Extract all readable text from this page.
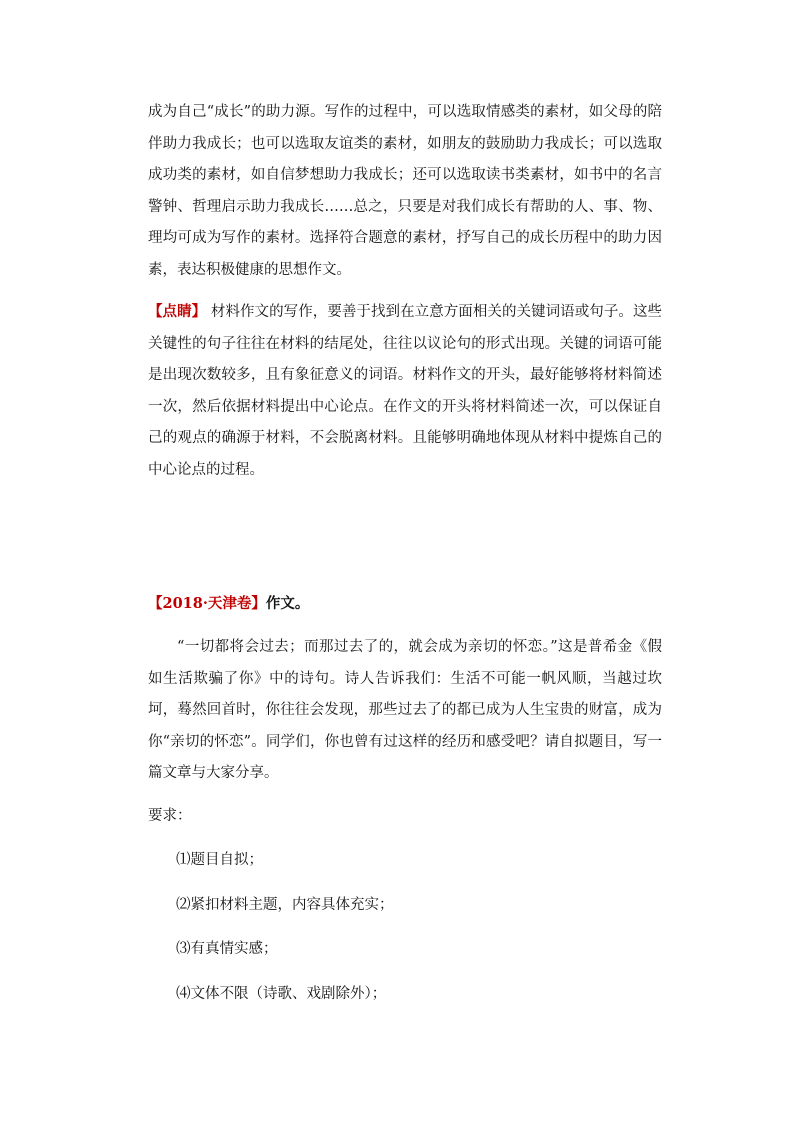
成为自己“成长”的助力源。写作的过程中，可以选取情感类的素材，如父母的陪伴助力我成长；也可以选取友谊类的素材，如朋友的鼓励助力我成长；可以选取成功类的素材，如自信梦想助力我成长；还可以选取读书类素材，如书中的名言警钟、哲理启示助力我成长……总之，只要是对我们成长有帮助的人、事、物、理均可成为写作的素材。选择符合题意的素材，抒写自己的成长历程中的助力因素，表达积极健康的思想作文。

【点睛】 材料作文的写作，要善于找到在立意方面相关的关键词语或句子。这些关键性的句子往往在材料的结尾处，往往以议论句的形式出现。关键的词语可能是出现次数较多，且有象征意义的词语。材料作文的开头，最好能够将材料简述一次，然后依据材料提出中心论点。在作文的开头将材料简述一次，可以保证自己的观点的确源于材料，不会脱离材料。且能够明确地体现从材料中提炼自己的中心论点的过程。

【2018·天津卷】作文。

“一切都将会过去；而那过去了的，就会成为亲切的怀恋。”这是普希金《假如生活欺骗了你》中的诗句。诗人告诉我们：生活不可能一帆风顺，当越过坎坷，蓦然回首时，你往往会发现，那些过去了的都已成为人生宝贵的财富，成为你“亲切的怀恋”。同学们，你也曾有过这样的经历和感受吧？请自拟题目，写一篇文章与大家分享。

要求：

⑴题目自拟；

⑵紧扣材料主题，内容具体充实；

⑶有真情实感；

⑷文体不限（诗歌、戏剧除外）；
